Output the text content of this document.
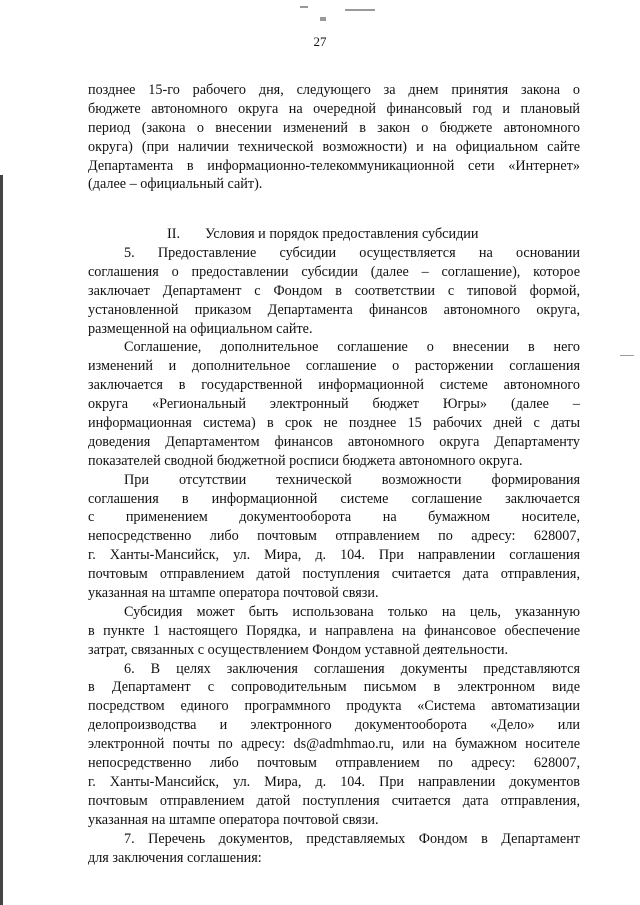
27
позднее 15-го рабочего дня, следующего за днем принятия закона о
бюджете автономного округа на очередной финансовый год и плановый
период (закона о внесении изменений в закон о бюджете автономного
округа) (при наличии технической возможности) и на официальном сайте
Департамента в информационно-телекоммуникационной сети «Интернет»
(далее – официальный сайт).
II. Условия и порядок предоставления субсидии
5. Предоставление субсидии осуществляется на основании
соглашения о предоставлении субсидии (далее – соглашение), которое
заключает Департамент с Фондом в соответствии с типовой формой,
установленной приказом Департамента финансов автономного округа,
размещенной на официальном сайте.
Соглашение, дополнительное соглашение о внесении в него
изменений и дополнительное соглашение о расторжении соглашения
заключается в государственной информационной системе автономного
округа «Региональный электронный бюджет Югры» (далее –
информационная система) в срок не позднее 15 рабочих дней с даты
доведения Департаментом финансов автономного округа Департаменту
показателей сводной бюджетной росписи бюджета автономного округа.
При отсутствии технической возможности формирования
соглашения в информационной системе соглашение заключается
с применением документооборота на бумажном носителе,
непосредственно либо почтовым отправлением по адресу: 628007,
г. Ханты-Мансийск, ул. Мира, д. 104. При направлении соглашения
почтовым отправлением датой поступления считается дата отправления,
указанная на штампе оператора почтовой связи.
Субсидия может быть использована только на цель, указанную
в пункте 1 настоящего Порядка, и направлена на финансовое обеспечение
затрат, связанных с осуществлением Фондом уставной деятельности.
6. В целях заключения соглашения документы представляются
в Департамент с сопроводительным письмом в электронном виде
посредством единого программного продукта «Система автоматизации
делопроизводства и электронного документооборота «Дело» или
электронной почты по адресу: ds@admhmao.ru, или на бумажном носителе
непосредственно либо почтовым отправлением по адресу: 628007,
г. Ханты-Мансийск, ул. Мира, д. 104. При направлении документов
почтовым отправлением датой поступления считается дата отправления,
указанная на штампе оператора почтовой связи.
7. Перечень документов, представляемых Фондом в Департамент
для заключения соглашения:
